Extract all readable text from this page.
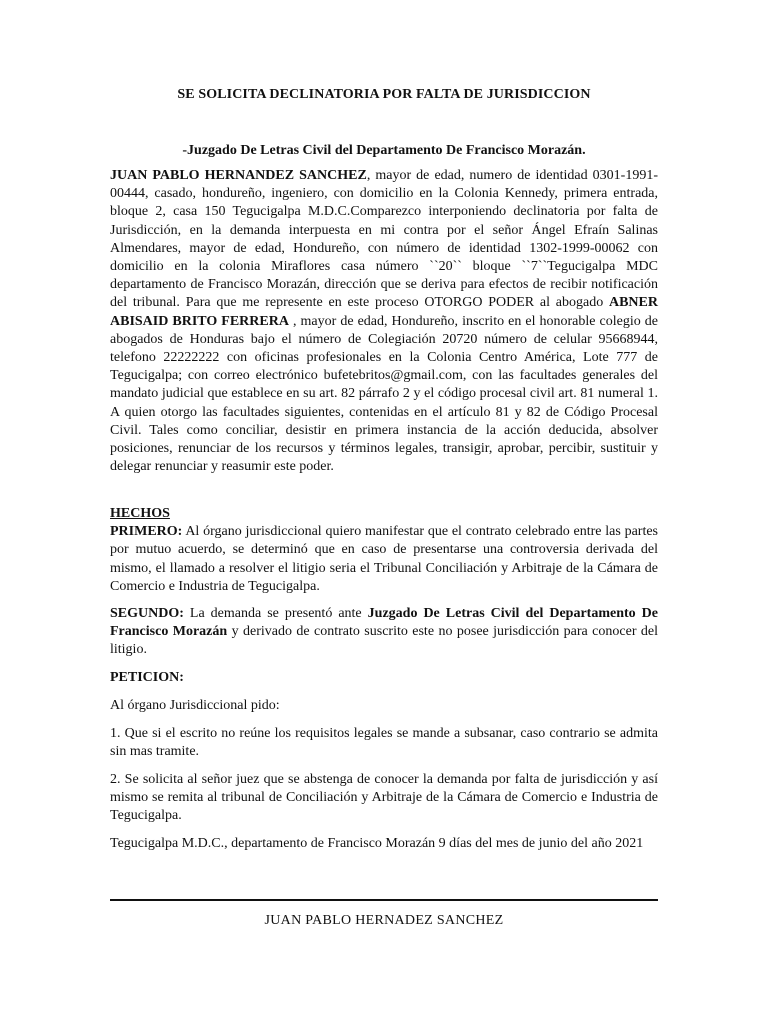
SE SOLICITA DECLINATORIA POR FALTA DE JURISDICCION
-Juzgado De Letras Civil del Departamento De Francisco Morazán.

JUAN PABLO HERNANDEZ SANCHEZ, mayor de edad, numero de identidad 0301-1991-00444, casado, hondureño, ingeniero, con domicilio en la Colonia Kennedy, primera entrada, bloque 2, casa 150 Tegucigalpa M.D.C.Comparezco interponiendo declinatoria por falta de Jurisdicción, en la demanda interpuesta en mi contra por el señor Ángel Efraín Salinas Almendares, mayor de edad, Hondureño, con número de identidad 1302-1999-00062 con domicilio en la colonia Miraflores casa número ``20`` bloque ``7``Tegucigalpa MDC departamento de Francisco Morazán, dirección que se deriva para efectos de recibir notificación del tribunal. Para que me represente en este proceso OTORGO PODER al abogado ABNER ABISAID BRITO FERRERA , mayor de edad, Hondureño, inscrito en el honorable colegio de abogados de Honduras bajo el número de Colegiación 20720 número de celular 95668944, telefono 22222222 con oficinas profesionales en la Colonia Centro América, Lote 777 de Tegucigalpa; con correo electrónico bufetebritos@gmail.com, con las facultades generales del mandato judicial que establece en su art. 82 párrafo 2 y el código procesal civil art. 81 numeral 1. A quien otorgo las facultades siguientes, contenidas en el artículo 81 y 82 de Código Procesal Civil. Tales como conciliar, desistir en primera instancia de la acción deducida, absolver posiciones, renunciar de los recursos y términos legales, transigir, aprobar, percibir, sustituir y delegar renunciar y reasumir este poder.

HECHOS

PRIMERO: Al órgano jurisdiccional quiero manifestar que el contrato celebrado entre las partes por mutuo acuerdo, se determinó que en caso de presentarse una controversia derivada del mismo, el llamado a resolver el litigio seria el Tribunal Conciliación y Arbitraje de la Cámara de Comercio e Industria de Tegucigalpa.

SEGUNDO: La demanda se presentó ante Juzgado De Letras Civil del Departamento De Francisco Morazán y derivado de contrato suscrito este no posee jurisdicción para conocer del litigio.

PETICION:

Al órgano Jurisdiccional pido:

1. Que si el escrito no reúne los requisitos legales se mande a subsanar, caso contrario se admita sin mas tramite.

2. Se solicita al señor juez que se abstenga de conocer la demanda por falta de jurisdicción y así mismo se remita al tribunal de Conciliación y Arbitraje de la Cámara de Comercio e Industria de Tegucigalpa.

Tegucigalpa M.D.C., departamento de Francisco Morazán 9 días del mes de junio del año 2021

JUAN PABLO HERNADEZ SANCHEZ
